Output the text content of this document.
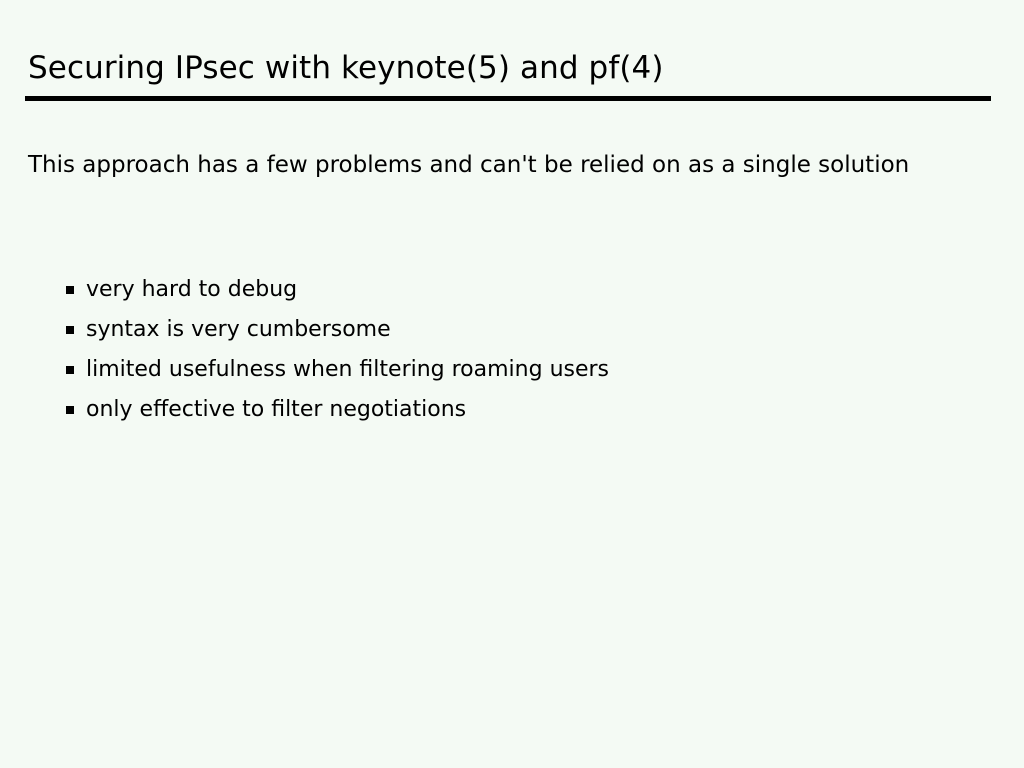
Securing IPsec with keynote(5) and pf(4)
This approach has a few problems and can't be relied on as a single solution
very hard to debug
syntax is very cumbersome
limited usefulness when filtering roaming users
only effective to filter negotiations
